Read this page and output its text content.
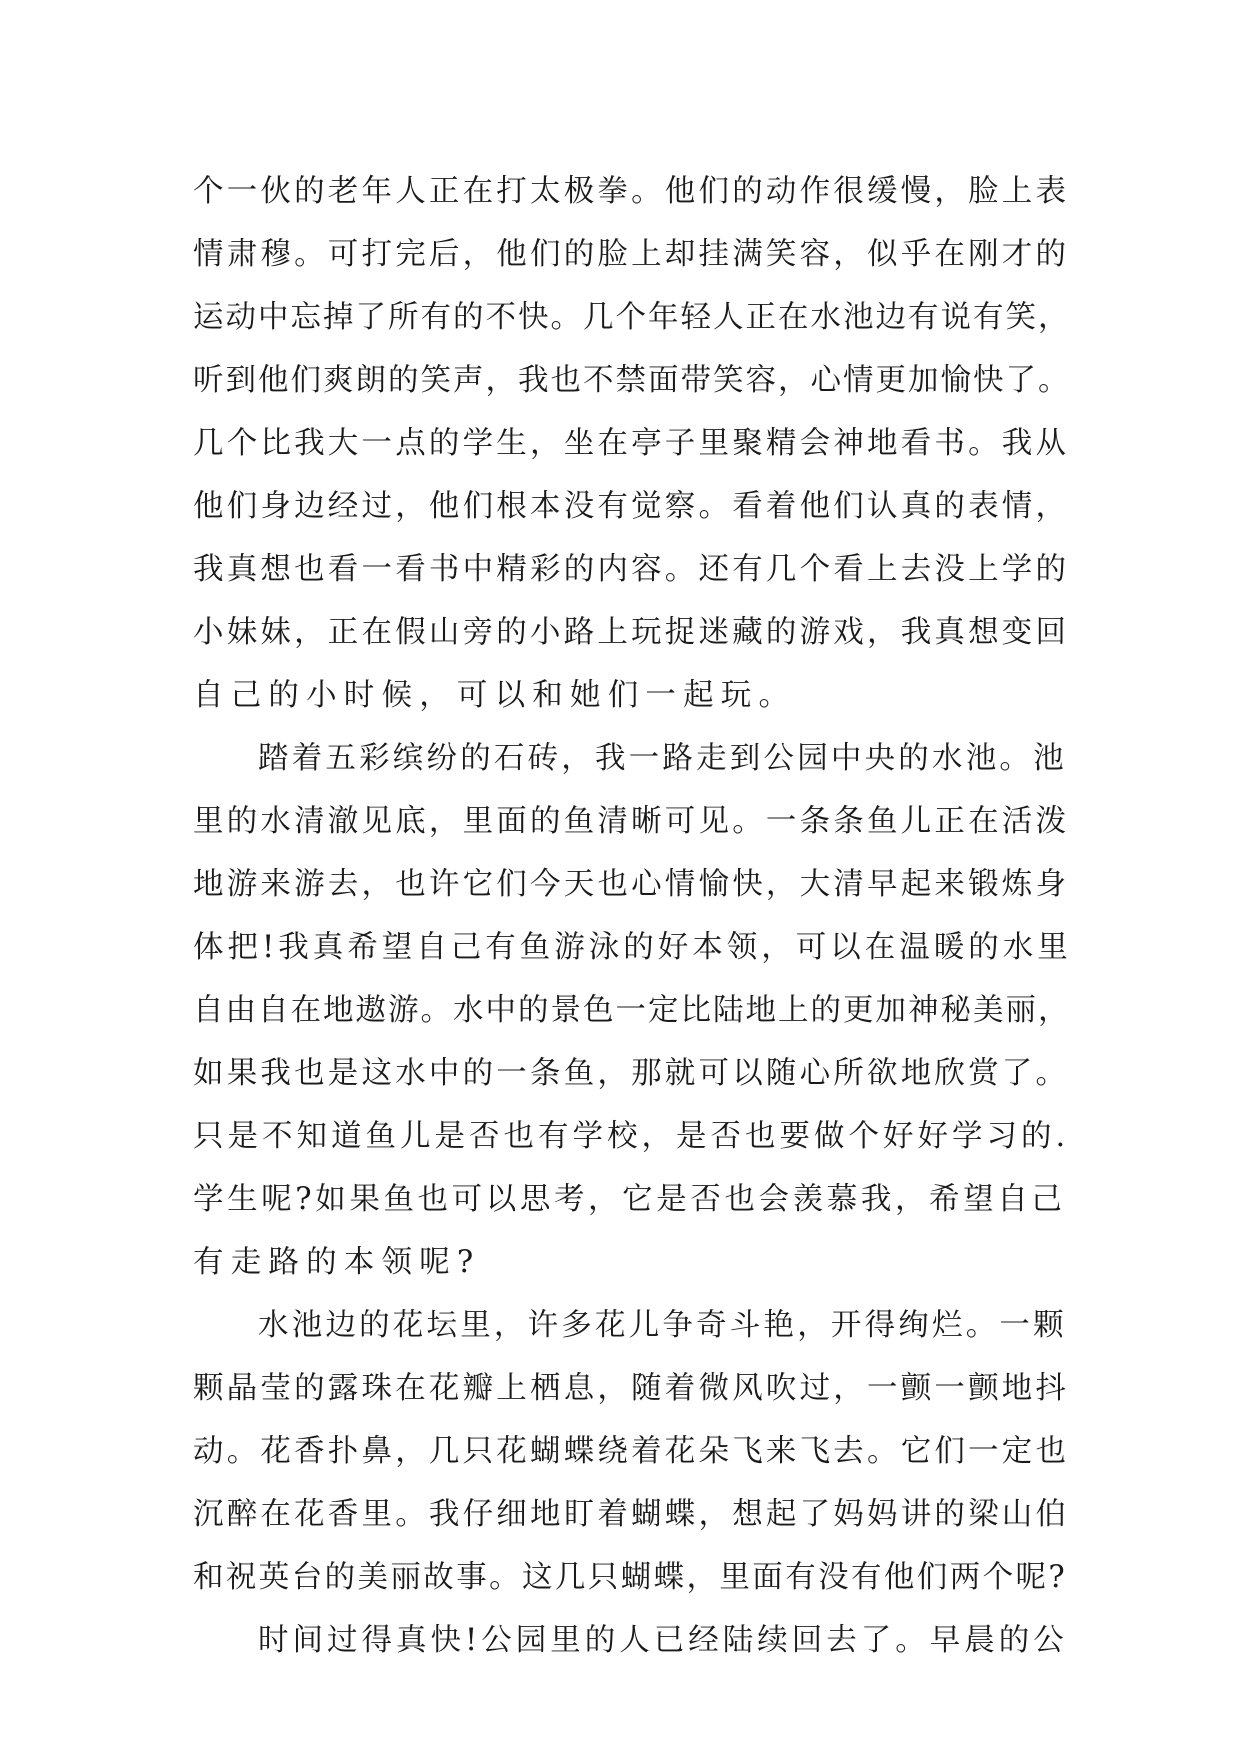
个一伙的老年人正在打太极拳。他们的动作很缓慢，脸上表
情肃穆。可打完后，他们的脸上却挂满笑容，似乎在刚才的
运动中忘掉了所有的不快。几个年轻人正在水池边有说有笑，
听到他们爽朗的笑声，我也不禁面带笑容，心情更加愉快了。
几个比我大一点的学生，坐在亭子里聚精会神地看书。我从
他们身边经过，他们根本没有觉察。看着他们认真的表情，
我真想也看一看书中精彩的内容。还有几个看上去没上学的
小妹妹，正在假山旁的小路上玩捉迷藏的游戏，我真想变回
自己的小时候，可以和她们一起玩。
踏着五彩缤纷的石砖，我一路走到公园中央的水池。池
里的水清澈见底，里面的鱼清晰可见。一条条鱼儿正在活泼
地游来游去，也许它们今天也心情愉快，大清早起来锻炼身
体把!我真希望自己有鱼游泳的好本领，可以在温暖的水里
自由自在地遨游。水中的景色一定比陆地上的更加神秘美丽，
如果我也是这水中的一条鱼，那就可以随心所欲地欣赏了。
只是不知道鱼儿是否也有学校，是否也要做个好好学习的.
学生呢?如果鱼也可以思考，它是否也会羡慕我，希望自己
有走路的本领呢?
水池边的花坛里，许多花儿争奇斗艳，开得绚烂。一颗
颗晶莹的露珠在花瓣上栖息，随着微风吹过，一颤一颤地抖
动。花香扑鼻，几只花蝴蝶绕着花朵飞来飞去。它们一定也
沉醉在花香里。我仔细地盯着蝴蝶，想起了妈妈讲的梁山伯
和祝英台的美丽故事。这几只蝴蝶，里面有没有他们两个呢?
时间过得真快!公园里的人已经陆续回去了。早晨的公
